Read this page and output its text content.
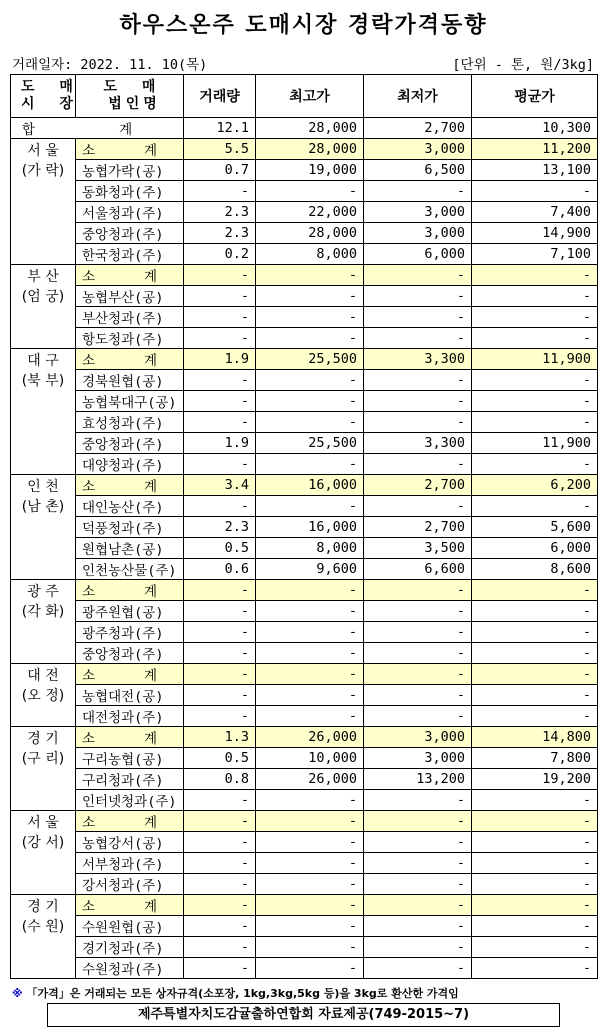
하우스온주 도매시장 경락가격동향
거래일자: 2022. 11. 10(목)	[단위 - 톤, 원/3kg]
도 매
시 장	도 매
법인명	거래량	최고가	최저가	평균가
합 계		12.1	28,000	2,700	10,300

서 울
(가 락)	소 계	5.5	28,000	3,000	11,200
	농협가락(공)	0.7	19,000	6,500	13,100
	동화청과(주)	-	-	-	-
	서울청과(주)	2.3	22,000	3,000	7,400
	중앙청과(주)	2.3	28,000	3,000	14,900
	한국청과(주)	0.2	8,000	6,000	7,100

부 산
(엄 궁)	소 계	-	-	-	-
	농협부산(공)	-	-	-	-
	부산청과(주)	-	-	-	-
	항도청과(주)	-	-	-	-

대 구
(북 부)	소 계	1.9	25,500	3,300	11,900
	경북원협(공)	-	-	-	-
	농협북대구(공)	-	-	-	-
	효성청과(주)	-	-	-	-
	중앙청과(주)	1.9	25,500	3,300	11,900
	대양청과(주)	-	-	-	-

인 천
(남 촌)	소 계	3.4	16,000	2,700	6,200
	대인농산(주)	-	-	-	-
	덕풍청과(주)	2.3	16,000	2,700	5,600
	원협남촌(공)	0.5	8,000	3,500	6,000
	인천농산물(주)	0.6	9,600	6,600	8,600

광 주
(각 화)	소 계	-	-	-	-
	광주원협(공)	-	-	-	-
	광주청과(주)	-	-	-	-
	중앙청과(주)	-	-	-	-

대 전
(오 정)	소 계	-	-	-	-
	농협대전(공)	-	-	-	-
	대전청과(주)	-	-	-	-

경 기
(구 리)	소 계	1.3	26,000	3,000	14,800
	구리농협(공)	0.5	10,000	3,000	7,800
	구리청과(주)	0.8	26,000	13,200	19,200
	인터넷청과(주)	-	-	-	-

서 울
(강 서)	소 계	-	-	-	-
	농협강서(공)	-	-	-	-
	서부청과(주)	-	-	-	-
	강서청과(주)	-	-	-	-

경 기
(수 원)	소 계	-	-	-	-
	수원원협(공)	-	-	-	-
	경기청과(주)	-	-	-	-
	수원청과(주)	-	-	-	-
※ 「가격」은 거래되는 모든 상자규격(소포장, 1kg,3kg,5kg 등)을 3kg로 환산한 가격임
제주특별자치도감귤출하연합회 자료제공(749-2015~7)
